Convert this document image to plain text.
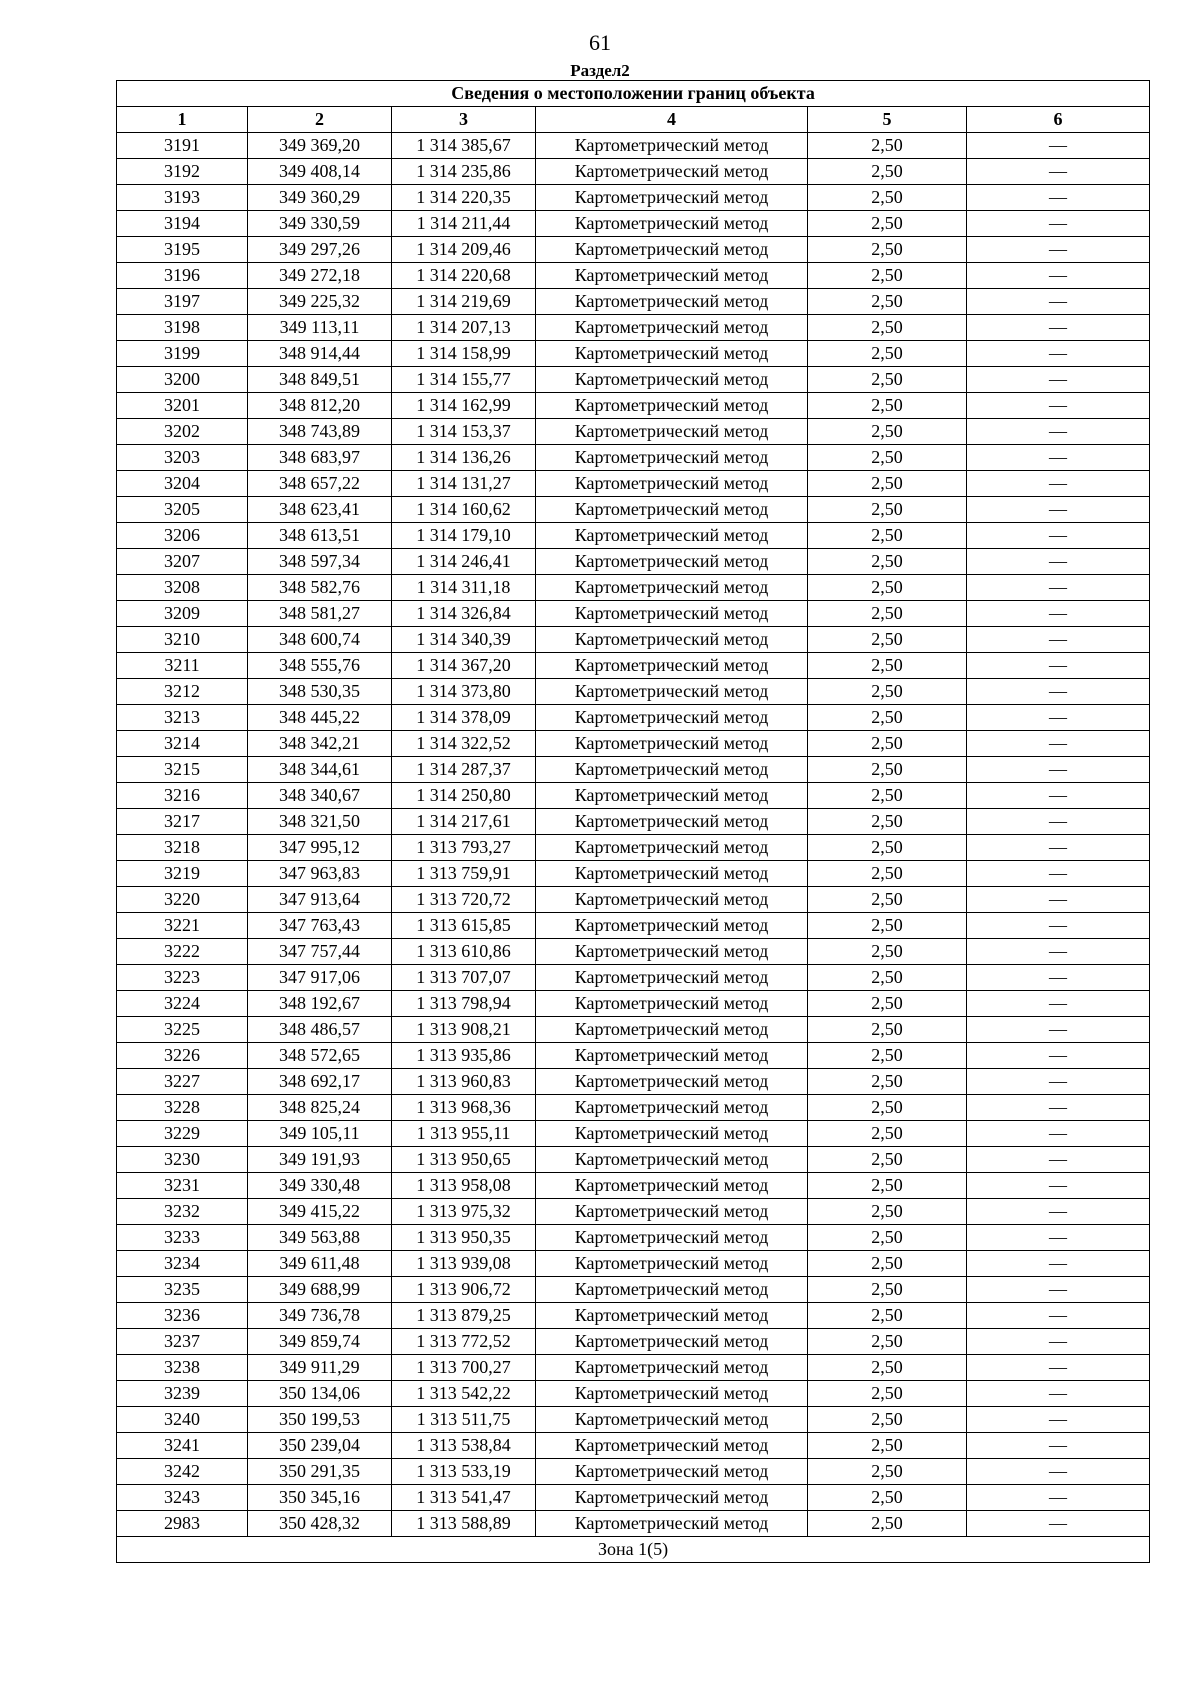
61
Раздел2
Сведения о местоположении границ объекта					
1	2	3	4	5	6
3191	349 369,20	1 314 385,67	Картометрический метод	2,50	—
3192	349 408,14	1 314 235,86	Картометрический метод	2,50	—
3193	349 360,29	1 314 220,35	Картометрический метод	2,50	—
3194	349 330,59	1 314 211,44	Картометрический метод	2,50	—
3195	349 297,26	1 314 209,46	Картометрический метод	2,50	—
3196	349 272,18	1 314 220,68	Картометрический метод	2,50	—
3197	349 225,32	1 314 219,69	Картометрический метод	2,50	—
3198	349 113,11	1 314 207,13	Картометрический метод	2,50	—
3199	348 914,44	1 314 158,99	Картометрический метод	2,50	—
3200	348 849,51	1 314 155,77	Картометрический метод	2,50	—
3201	348 812,20	1 314 162,99	Картометрический метод	2,50	—
3202	348 743,89	1 314 153,37	Картометрический метод	2,50	—
3203	348 683,97	1 314 136,26	Картометрический метод	2,50	—
3204	348 657,22	1 314 131,27	Картометрический метод	2,50	—
3205	348 623,41	1 314 160,62	Картометрический метод	2,50	—
3206	348 613,51	1 314 179,10	Картометрический метод	2,50	—
3207	348 597,34	1 314 246,41	Картометрический метод	2,50	—
3208	348 582,76	1 314 311,18	Картометрический метод	2,50	—
3209	348 581,27	1 314 326,84	Картометрический метод	2,50	—
3210	348 600,74	1 314 340,39	Картометрический метод	2,50	—
3211	348 555,76	1 314 367,20	Картометрический метод	2,50	—
3212	348 530,35	1 314 373,80	Картометрический метод	2,50	—
3213	348 445,22	1 314 378,09	Картометрический метод	2,50	—
3214	348 342,21	1 314 322,52	Картометрический метод	2,50	—
3215	348 344,61	1 314 287,37	Картометрический метод	2,50	—
3216	348 340,67	1 314 250,80	Картометрический метод	2,50	—
3217	348 321,50	1 314 217,61	Картометрический метод	2,50	—
3218	347 995,12	1 313 793,27	Картометрический метод	2,50	—
3219	347 963,83	1 313 759,91	Картометрический метод	2,50	—
3220	347 913,64	1 313 720,72	Картометрический метод	2,50	—
3221	347 763,43	1 313 615,85	Картометрический метод	2,50	—
3222	347 757,44	1 313 610,86	Картометрический метод	2,50	—
3223	347 917,06	1 313 707,07	Картометрический метод	2,50	—
3224	348 192,67	1 313 798,94	Картометрический метод	2,50	—
3225	348 486,57	1 313 908,21	Картометрический метод	2,50	—
3226	348 572,65	1 313 935,86	Картометрический метод	2,50	—
3227	348 692,17	1 313 960,83	Картометрический метод	2,50	—
3228	348 825,24	1 313 968,36	Картометрический метод	2,50	—
3229	349 105,11	1 313 955,11	Картометрический метод	2,50	—
3230	349 191,93	1 313 950,65	Картометрический метод	2,50	—
3231	349 330,48	1 313 958,08	Картометрический метод	2,50	—
3232	349 415,22	1 313 975,32	Картометрический метод	2,50	—
3233	349 563,88	1 313 950,35	Картометрический метод	2,50	—
3234	349 611,48	1 313 939,08	Картометрический метод	2,50	—
3235	349 688,99	1 313 906,72	Картометрический метод	2,50	—
3236	349 736,78	1 313 879,25	Картометрический метод	2,50	—
3237	349 859,74	1 313 772,52	Картометрический метод	2,50	—
3238	349 911,29	1 313 700,27	Картометрический метод	2,50	—
3239	350 134,06	1 313 542,22	Картометрический метод	2,50	—
3240	350 199,53	1 313 511,75	Картометрический метод	2,50	—
3241	350 239,04	1 313 538,84	Картометрический метод	2,50	—
3242	350 291,35	1 313 533,19	Картометрический метод	2,50	—
3243	350 345,16	1 313 541,47	Картометрический метод	2,50	—
2983	350 428,32	1 313 588,89	Картометрический метод	2,50	—
Зона 1(5)					
